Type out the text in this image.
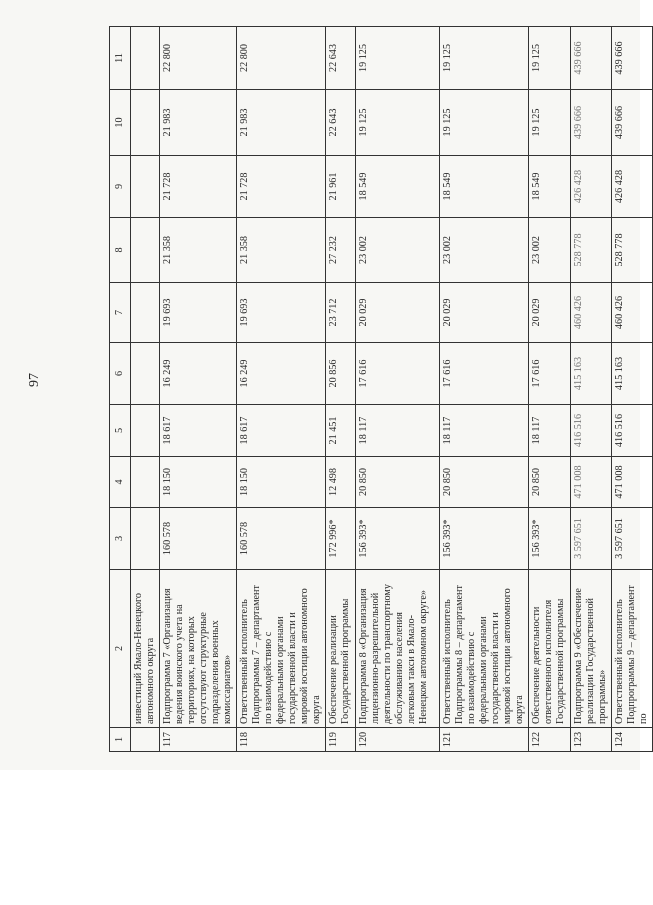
97
1	2	3	4	5	6	7	8	9	10	11
	инвестиций Ямало-Ненецкого автономного округа									
117	Подпрограмма 7 «Организация ведения воинского учета на территориях, на которых отсутствуют структурные подразделения военных комиссариатов»	160 578	18 150	18 617	16 249	19 693	21 358	21 728	21 983	22 800
118	Ответственный исполнитель Подпрограммы 7 – департамент по взаимодействию с федеральными органами государственной власти и мировой юстиции автономного округа	160 578	18 150	18 617	16 249	19 693	21 358	21 728	21 983	22 800
119	Обеспечение реализации Государственной программы	172 996*	12 498	21 451	20 856	23 712	27 232	21 961	22 643	22 643
120	Подпрограмма 8 «Организация лицензионно-разрешительной деятельности по транспортному обслуживанию населения легковым такси в Ямало-Ненецком автономном округе»	156 393*	20 850	18 117	17 616	20 029	23 002	18 549	19 125	19 125
121	Ответственный исполнитель Подпрограммы 8 – департамент по взаимодействию с федеральными органами государственной власти и мировой юстиции автономного округа	156 393*	20 850	18 117	17 616	20 029	23 002	18 549	19 125	19 125
122	Обеспечение деятельности ответственного исполнителя Государственной программы	156 393*	20 850	18 117	17 616	20 029	23 002	18 549	19 125	19 125
123	Подпрограмма 9 «Обеспечение реализации Государственной программы»	3 597 651	471 008	416 516	415 163	460 426	528 778	426 428	439 666	439 666
124	Ответственный исполнитель Подпрограммы 9 – департамент по	3 597 651	471 008	416 516	415 163	460 426	528 778	426 428	439 666	439 666
